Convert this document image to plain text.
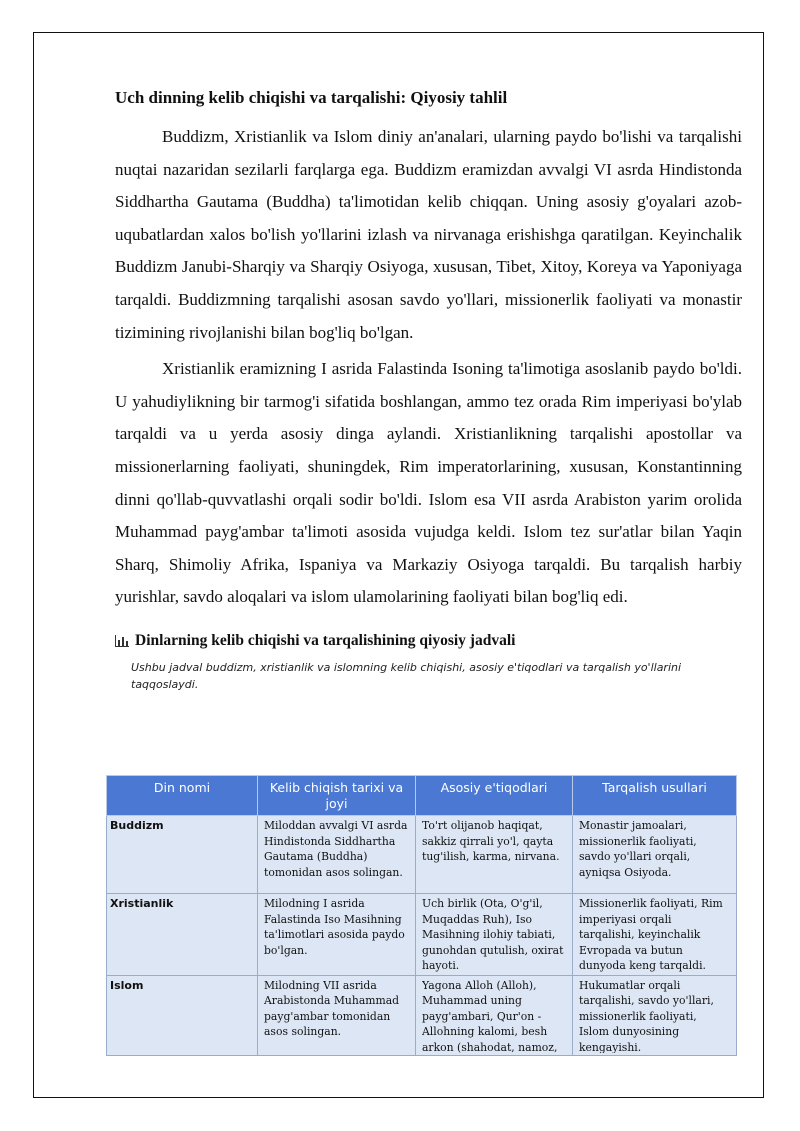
Uch dinning kelib chiqishi va tarqalishi: Qiyosiy tahlil

Buddizm, Xristianlik va Islom diniy an'analari, ularning paydo bo'lishi va tarqalishi nuqtai nazaridan sezilarli farqlarga ega. Buddizm eramizdan avvalgi VI asrda Hindistonda Siddhartha Gautama (Buddha) ta'limotidan kelib chiqqan. Uning asosiy g'oyalari azob-uqubatlardan xalos bo'lish yo'llarini izlash va nirvanaga erishishga qaratilgan. Keyinchalik Buddizm Janubi-Sharqiy va Sharqiy Osiyoga, xususan, Tibet, Xitoy, Koreya va Yaponiyaga tarqaldi. Buddizmning tarqalishi asosan savdo yo'llari, missionerlik faoliyati va monastir tizimining rivojlanishi bilan bog'liq bo'lgan.

Xristianlik eramizning I asrida Falastinda Isoning ta'limotiga asoslanib paydo bo'ldi. U yahudiylikning bir tarmog'i sifatida boshlangan, ammo tez orada Rim imperiyasi bo'ylab tarqaldi va u yerda asosiy dinga aylandi. Xristianlikning tarqalishi apostollar va missionerlarning faoliyati, shuningdek, Rim imperatorlarining, xususan, Konstantinning dinni qo'llab-quvvatlashi orqali sodir bo'ldi. Islom esa VII asrda Arabiston yarim orolida Muhammad payg'ambar ta'limoti asosida vujudga keldi. Islom tez sur'atlar bilan Yaqin Sharq, Shimoliy Afrika, Ispaniya va Markaziy Osiyoga tarqaldi. Bu tarqalish harbiy yurishlar, savdo aloqalari va islom ulamolarining faoliyati bilan bog'liq edi.

Dinlarning kelib chiqishi va tarqalishining qiyosiy jadvali
Ushbu jadval buddizm, xristianlik va islomning kelib chiqishi, asosiy e'tiqodlari va tarqalish yo'llarini taqqoslaydi.
Din nomi	Kelib chiqish tarixi va joyi	Asosiy e'tiqodlari	Tarqalish usullari
Buddizm	Miloddan avvalgi VI asrda Hindistonda Siddhartha Gautama (Buddha) tomonidan asos solingan.	To'rt olijanob haqiqat, sakkiz qirrali yo'l, qayta tug'ilish, karma, nirvana.	Monastir jamoalari, missionerlik faoliyati, savdo yo'llari orqali, ayniqsa Osiyoda.

Xristianlik	Milodning I asrida Falastinda Iso Masihning ta'limotlari asosida paydo bo'lgan.	Uch birlik (Ota, O'g'il, Muqaddas Ruh), Iso Masihning ilohiy tabiati, gunohdan qutulish, oxirat hayoti.	Missionerlik faoliyati, Rim imperiyasi orqali tarqalishi, keyinchalik Evropada va butun dunyoda keng tarqaldi.

Islom	Milodning VII asrida Arabistonda Muhammad payg'ambar tomonidan asos solingan.	Yagona Alloh (Alloh), Muhammad uning payg'ambari, Qur'on - Allohning kalomi, besh arkon (shahodat, namoz,	Hukumatlar orqali tarqalishi, savdo yo'llari, missionerlik faoliyati, Islom dunyosining kengayishi.
